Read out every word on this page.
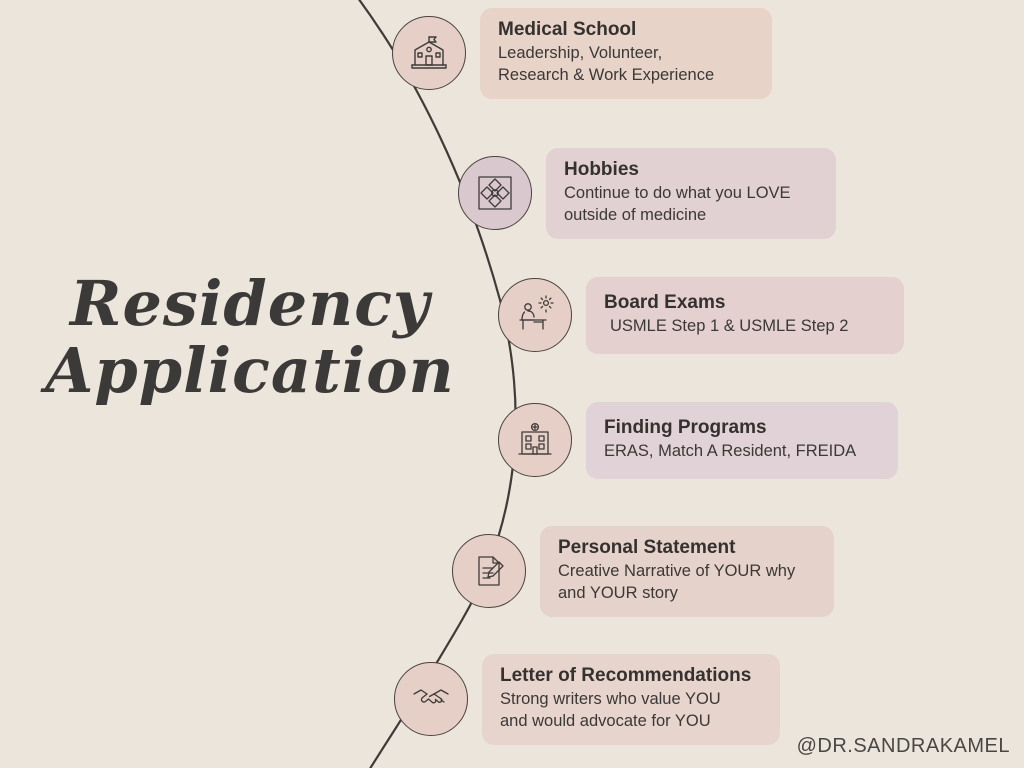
Residency
Application
Medical School
Leadership, Volunteer,
Research & Work Experience
Hobbies
Continue to do what you LOVE
outside of medicine
Board Exams
USMLE Step 1 & USMLE Step 2
Finding Programs
ERAS, Match A Resident, FREIDA
Personal Statement
Creative Narrative of YOUR why
and YOUR story
Letter of Recommendations
Strong writers who value YOU
and would advocate for YOU
@DR.SANDRAKAMEL
